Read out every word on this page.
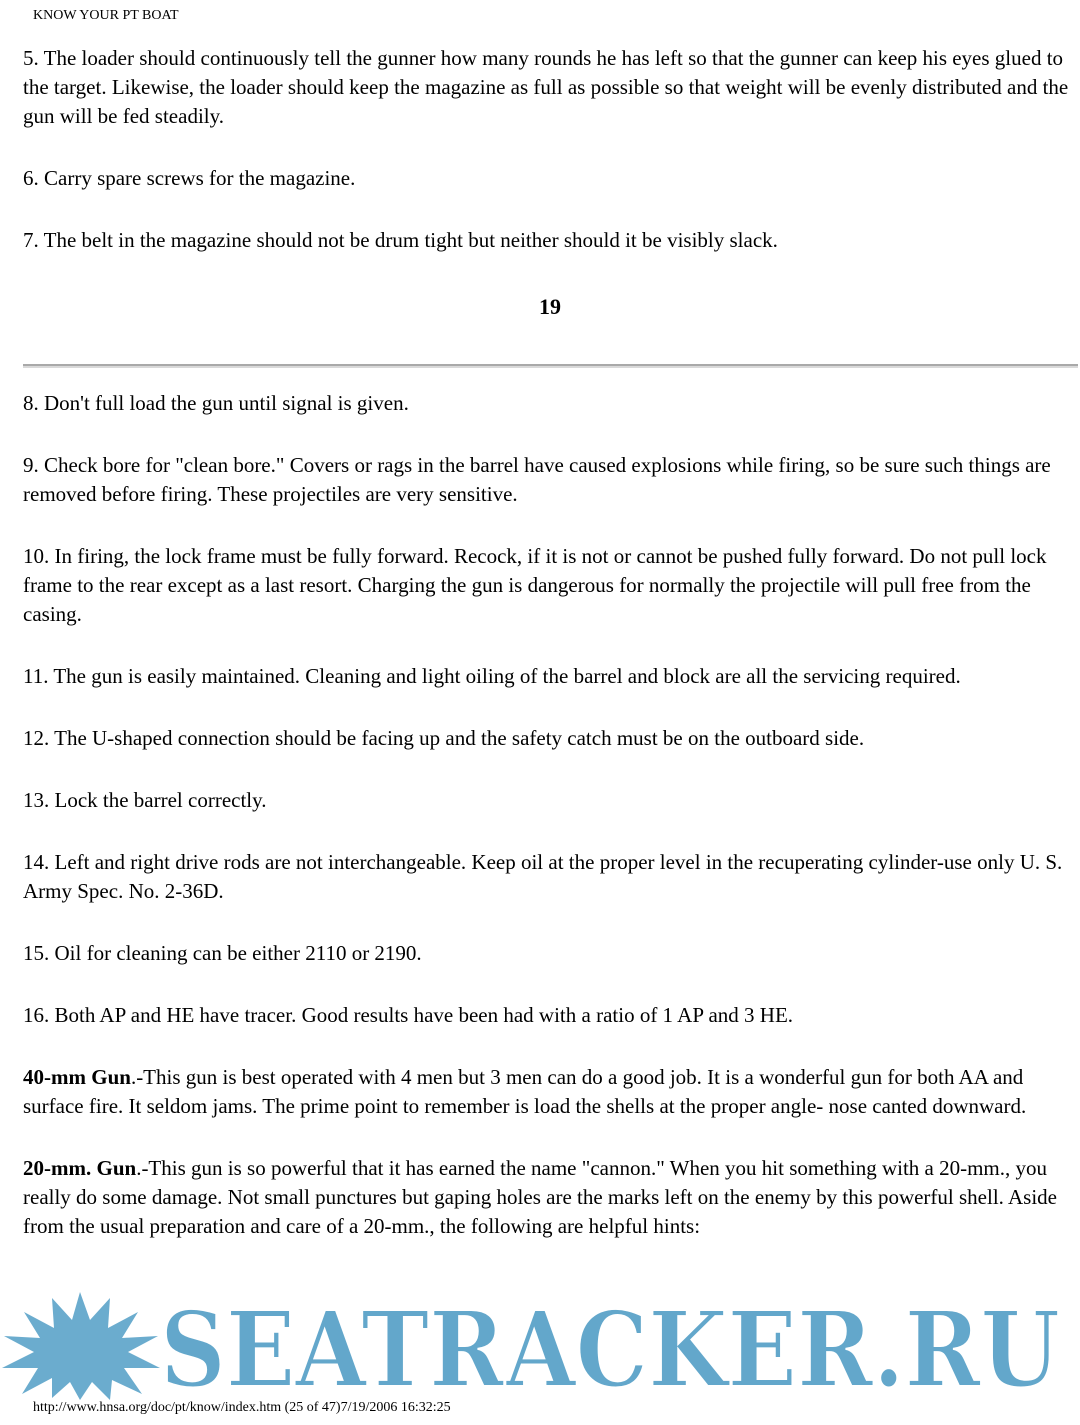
KNOW YOUR PT BOAT

5. The loader should continuously tell the gunner how many rounds he has left so that the gunner can keep his eyes glued to the target. Likewise, the loader should keep the magazine as full as possible so that weight will be evenly distributed and the gun will be fed steadily.

6. Carry spare screws for the magazine.

7. The belt in the magazine should not be drum tight but neither should it be visibly slack.

19

8. Don't full load the gun until signal is given.

9. Check bore for "clean bore." Covers or rags in the barrel have caused explosions while firing, so be sure such things are removed before firing. These projectiles are very sensitive.

10. In firing, the lock frame must be fully forward. Recock, if it is not or cannot be pushed fully forward. Do not pull lock frame to the rear except as a last resort. Charging the gun is dangerous for normally the projectile will pull free from the casing.

11. The gun is easily maintained. Cleaning and light oiling of the barrel and block are all the servicing required.

12. The U-shaped connection should be facing up and the safety catch must be on the outboard side.

13. Lock the barrel correctly.

14. Left and right drive rods are not interchangeable. Keep oil at the proper level in the recuperating cylinder-use only U. S. Army Spec. No. 2-36D.

15. Oil for cleaning can be either 2110 or 2190.

16. Both AP and HE have tracer. Good results have been had with a ratio of 1 AP and 3 HE.

40-mm Gun.-This gun is best operated with 4 men but 3 men can do a good job. It is a wonderful gun for both AA and surface fire. It seldom jams. The prime point to remember is load the shells at the proper angle- nose canted downward.

20-mm. Gun.-This gun is so powerful that it has earned the name "cannon." When you hit something with a 20-mm., you really do some damage. Not small punctures but gaping holes are the marks left on the enemy by this powerful shell. Aside from the usual preparation and care of a 20-mm., the following are helpful hints:

SEATRACKER.RU
http://www.hnsa.org/doc/pt/know/index.htm (25 of 47)7/19/2006 16:32:25
